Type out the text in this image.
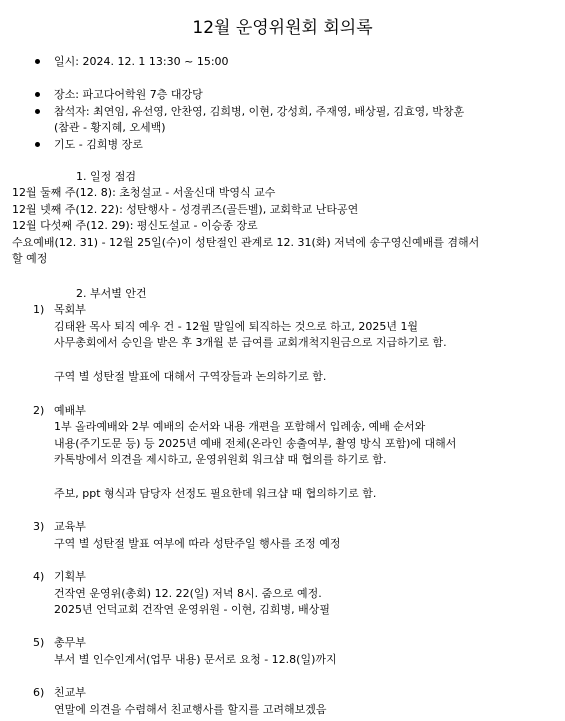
12월 운영위원회 회의록
일시: 2024. 12. 1 13:30 ~ 15:00
장소: 파고다어학원 7층 대강당
참석자: 최연임, 유선영, 안찬영, 김희병, 이현, 강성희, 주재영, 배상필, 김효영, 박창훈
(참관 - 황지혜, 오세백)
기도 - 김희병 장로
1. 일정 점검
12월 둘째 주(12. 8): 초청설교 - 서울신대 박영식 교수
12월 넷째 주(12. 22): 성탄행사 - 성경퀴즈(골든벨), 교회학교 난타공연
12월 다섯째 주(12. 29): 평신도설교 - 이승종 장로
수요예배(12. 31) - 12월 25일(수)이 성탄절인 관계로 12. 31(화) 저녁에 송구영신예배를 겸해서
할 예정
2. 부서별 안건
1) 목회부
김태완 목사 퇴직 예우 건 - 12월 말일에 퇴직하는 것으로 하고, 2025년 1월
사무총회에서 승인을 받은 후 3개월 분 급여를 교회개척지원금으로 지급하기로 함.
구역 별 성탄절 발표에 대해서 구역장들과 논의하기로 함.
2) 예배부
1부 올라예배와 2부 예배의 순서와 내용 개편을 포함해서 입례송, 예배 순서와
내용(주기도문 등) 등 2025년 예배 전체(온라인 송출여부, 촬영 방식 포함)에 대해서
카톡방에서 의견을 제시하고, 운영위원회 워크샵 때 협의를 하기로 함.
주보, ppt 형식과 담당자 선정도 필요한데 워크샵 때 협의하기로 함.
3) 교육부
구역 별 성탄절 발표 여부에 따라 성탄주일 행사를 조정 예정
4) 기획부
건작연 운영위(총회) 12. 22(일) 저녁 8시. 줌으로 예정.
2025년 언덕교회 건작연 운영위원 - 이현, 김희병, 배상필
5) 총무부
부서 별 인수인계서(업무 내용) 문서로 요청 - 12.8(일)까지
6) 친교부
연말에 의견을 수렴해서 친교행사를 할지를 고려해보겠음
